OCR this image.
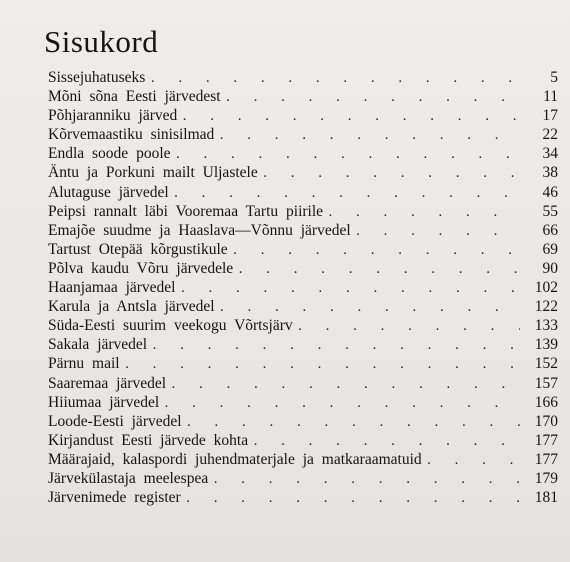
Sisukord
Sissejuhatuseks . . .	5
Mõni sõna Eesti järvedest . . .	11
Põhjaranniku järved . . .	17
Kõrvemaastiku sinisilmad . . .	22
Endla soode poole . . .	34
Äntu ja Porkuni mailt Uljastele . . .	38
Alutaguse järvedel . . .	46
Peipsi rannalt läbi Vooremaa Tartu piirile . . .	55
Emajõe suudme ja Haaslava—Võnnu järvedel . . .	66
Tartust Otepää kõrgustikule . . .	69
Põlva kaudu Võru järvedele . . .	90
Haanjamaa järvedel . . .	102
Karula ja Antsla järvedel . . .	122
Süda-Eesti suurim veekogu Võrtsjärv . . .	133
Sakala järvedel . . .	139
Pärnu mail . . .	152
Saaremaa järvedel . . .	157
Hiiumaa järvedel . . .	166
Loode-Eesti järvedel . . .	170
Kirjandust Eesti järvede kohta . . .	177
Määrajaid, kalaspordi juhendmaterjale ja matkaraamatuid . . .	177
Järvekülastaja meelespea . . .	179
Järvenimede register . . .	181
